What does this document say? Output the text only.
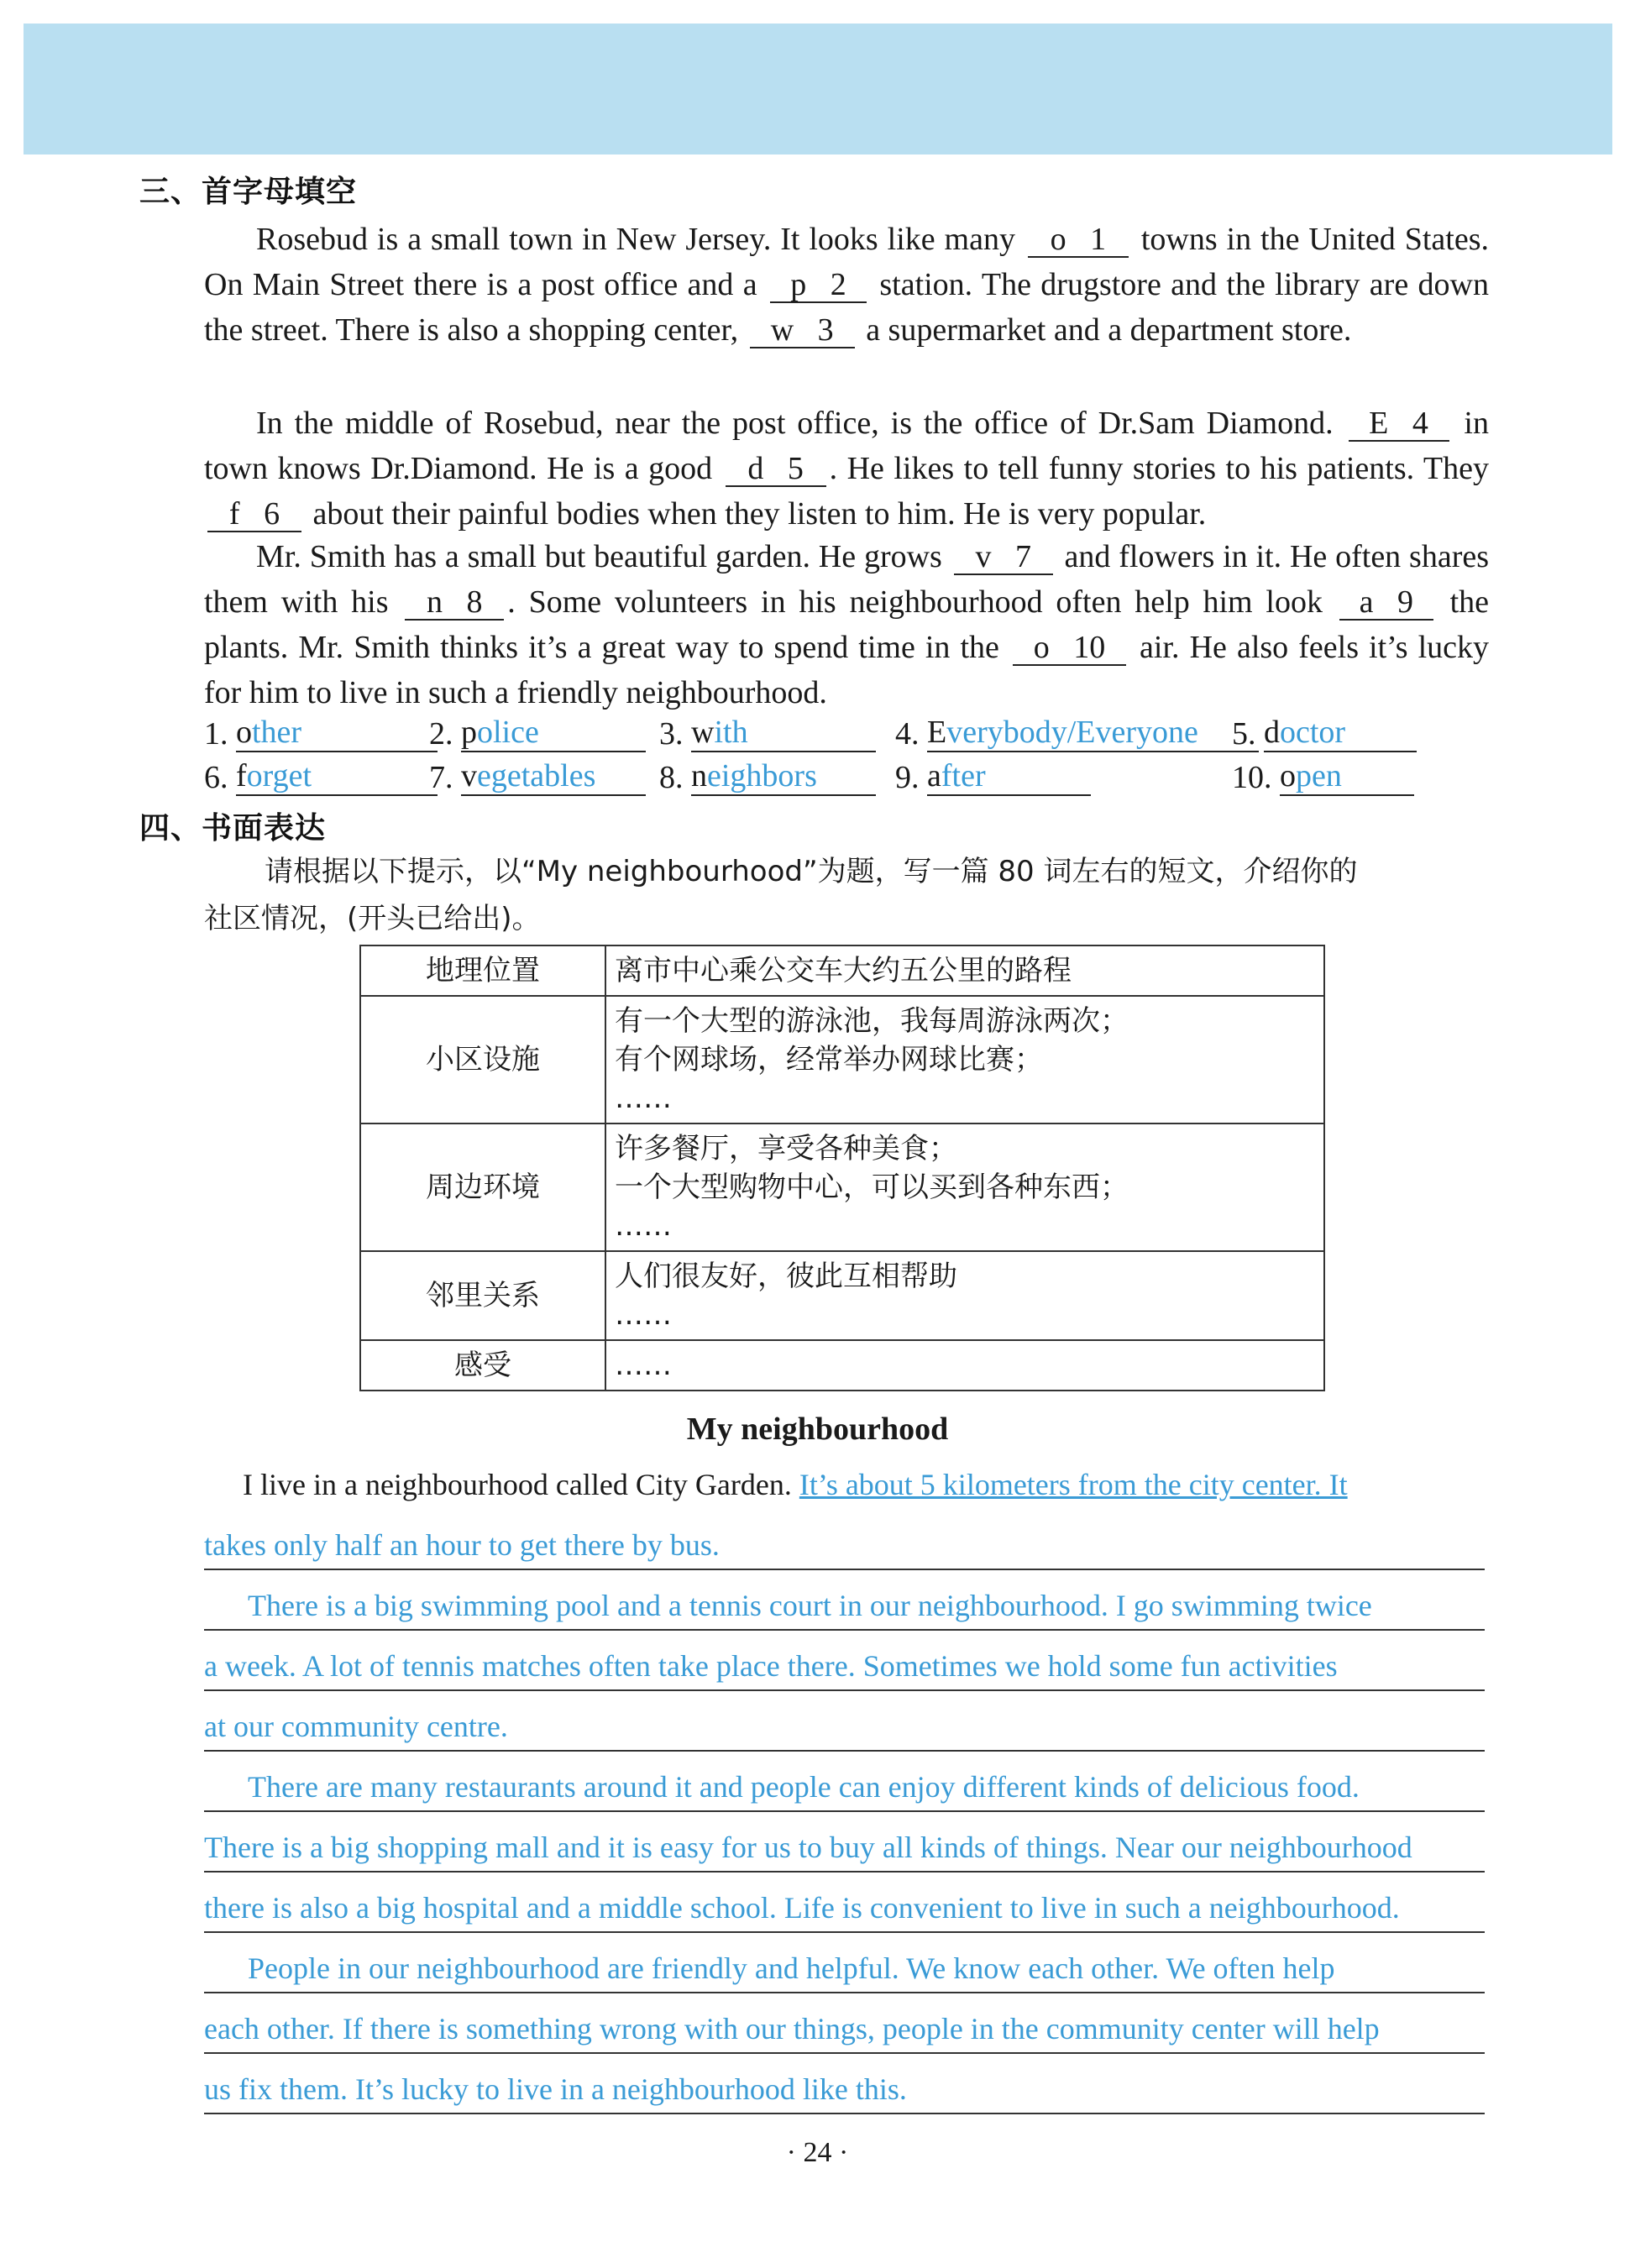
三、首字母填空
Rosebud is a small town in New Jersey. It looks like many o 1 towns in the United States. On Main Street there is a post office and a p 2 station. The drugstore and the library are down the street. There is also a shopping center, w 3 a supermarket and a department store.
In the middle of Rosebud, near the post office, is the office of Dr.Sam Diamond. E 4 in town knows Dr.Diamond. He is a good d 5 . He likes to tell funny stories to his patients. They f 6 about their painful bodies when they listen to him. He is very popular.
Mr. Smith has a small but beautiful garden. He grows v 7 and flowers in it. He often shares them with his n 8 . Some volunteers in his neighbourhood often help him look a 9 the plants. Mr. Smith thinks it’s a great way to spend time in the o 10 air. He also feels it’s lucky for him to live in such a friendly neighbourhood.
1. other	2. police	3. with	4. Everybody/Everyone	5. doctor
6. forget	7. vegetables	8. neighbors	9. after	10. open
四、书面表达
请根据以下提示，以“My neighbourhood”为题，写一篇 80 词左右的短文，介绍你的
社区情况，(开头已给出)。
地理位置	离市中心乘公交车大约五公里的路程

小区设施	有一个大型的游泳池，我每周游泳两次；
有个网球场，经常举办网球比赛；
……

周边环境	许多餐厅，享受各种美食；
一个大型购物中心，可以买到各种东西；
……

邻里关系	人们很友好，彼此互相帮助
……

感受	……
My neighbourhood
I live in a neighbourhood called City Garden. It’s about 5 kilometers from the city center. It
takes only half an hour to get there by bus.
There is a big swimming pool and a tennis court in our neighbourhood. I go swimming twice
a week. A lot of tennis matches often take place there. Sometimes we hold some fun activities
at our community centre.
There are many restaurants around it and people can enjoy different kinds of delicious food.
There is a big shopping mall and it is easy for us to buy all kinds of things. Near our neighbourhood
there is also a big hospital and a middle school. Life is convenient to live in such a neighbourhood.
People in our neighbourhood are friendly and helpful. We know each other. We often help
each other. If there is something wrong with our things, people in the community center will help
us fix them. It’s lucky to live in a neighbourhood like this.
· 24 ·
